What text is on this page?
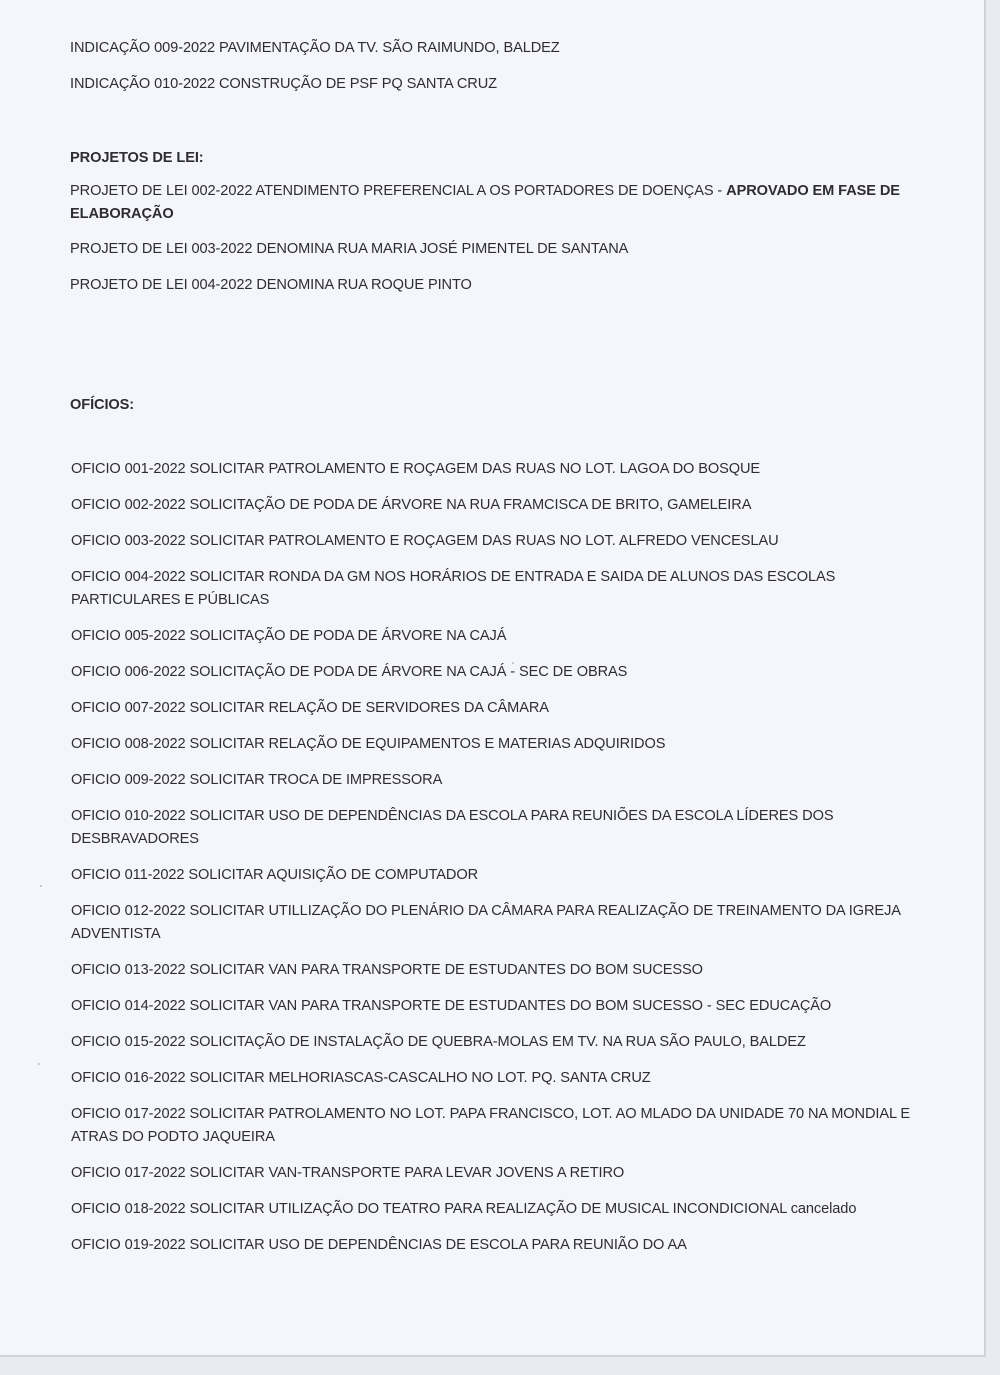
INDICAÇÃO 009-2022 PAVIMENTAÇÃO DA TV. SÃO RAIMUNDO, BALDEZ

INDICAÇÃO 010-2022 CONSTRUÇÃO DE PSF PQ SANTA CRUZ

PROJETOS DE LEI:

PROJETO DE LEI 002-2022 ATENDIMENTO PREFERENCIAL A OS PORTADORES DE DOENÇAS - APROVADO EM FASE DE ELABORAÇÃO

PROJETO DE LEI 003-2022 DENOMINA RUA MARIA JOSÉ PIMENTEL DE SANTANA

PROJETO DE LEI 004-2022 DENOMINA RUA ROQUE PINTO

OFÍCIOS:

OFICIO 001-2022 SOLICITAR PATROLAMENTO E ROÇAGEM DAS RUAS NO LOT. LAGOA DO BOSQUE

OFICIO 002-2022 SOLICITAÇÃO DE PODA DE ÁRVORE NA RUA FRAMCISCA DE BRITO, GAMELEIRA

OFICIO 003-2022 SOLICITAR PATROLAMENTO E ROÇAGEM DAS RUAS NO LOT. ALFREDO VENCESLAU

OFICIO 004-2022 SOLICITAR RONDA DA GM NOS HORÁRIOS DE ENTRADA E SAIDA DE ALUNOS DAS ESCOLAS PARTICULARES E PÚBLICAS

OFICIO 005-2022 SOLICITAÇÃO DE PODA DE ÁRVORE NA CAJÁ

OFICIO 006-2022 SOLICITAÇÃO DE PODA DE ÁRVORE NA CAJÁ - SEC DE OBRAS

OFICIO 007-2022 SOLICITAR RELAÇÃO DE SERVIDORES DA CÂMARA

OFICIO 008-2022 SOLICITAR RELAÇÃO DE EQUIPAMENTOS E MATERIAS ADQUIRIDOS

OFICIO 009-2022 SOLICITAR TROCA DE IMPRESSORA

OFICIO 010-2022 SOLICITAR USO DE DEPENDÊNCIAS DA ESCOLA PARA REUNIÕES DA ESCOLA LÍDERES DOS DESBRAVADORES

OFICIO 011-2022 SOLICITAR AQUISIÇÃO DE COMPUTADOR

OFICIO 012-2022 SOLICITAR UTILLIZAÇÃO DO PLENÁRIO DA CÂMARA PARA REALIZAÇÃO DE TREINAMENTO DA IGREJA ADVENTISTA

OFICIO 013-2022 SOLICITAR VAN PARA TRANSPORTE DE ESTUDANTES DO BOM SUCESSO

OFICIO 014-2022 SOLICITAR VAN PARA TRANSPORTE DE ESTUDANTES DO BOM SUCESSO - SEC EDUCAÇÃO

OFICIO 015-2022 SOLICITAÇÃO DE INSTALAÇÃO DE QUEBRA-MOLAS EM TV. NA RUA SÃO PAULO, BALDEZ

OFICIO 016-2022 SOLICITAR MELHORIASCAS-CASCALHO NO LOT. PQ. SANTA CRUZ

OFICIO 017-2022 SOLICITAR PATROLAMENTO NO LOT. PAPA FRANCISCO, LOT. AO MLADO DA UNIDADE 70 NA MONDIAL E ATRAS DO PODTO JAQUEIRA

OFICIO 017-2022 SOLICITAR VAN-TRANSPORTE PARA LEVAR JOVENS A RETIRO

OFICIO 018-2022 SOLICITAR UTILIZAÇÃO DO TEATRO PARA REALIZAÇÃO DE MUSICAL INCONDICIONAL cancelado

OFICIO 019-2022 SOLICITAR USO DE DEPENDÊNCIAS DE ESCOLA PARA REUNIÃO DO AA
